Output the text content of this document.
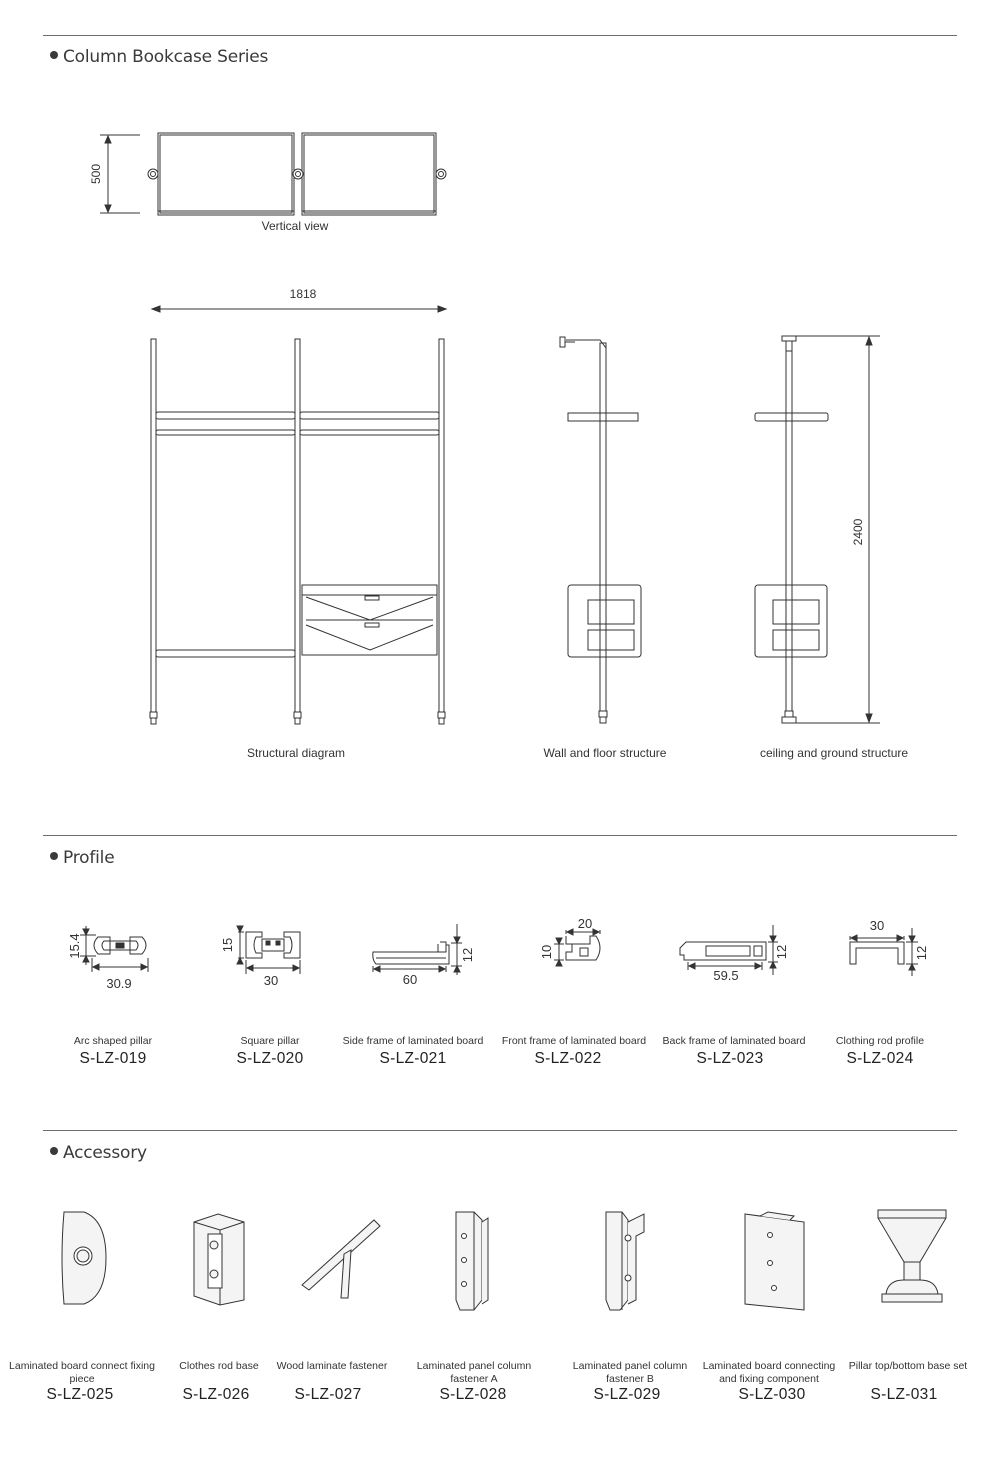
Column Bookcase Series
500
Vertical view
1818
Structural diagram	Wall and floor structure
2400
ceiling and ground structure
Profile
15.4
30.9
15
30	60
12
20
10
59.5
12
30
12
Arc shaped pillar
S-LZ-019
Square pillar
S-LZ-020
Side frame of laminated board
S-LZ-021
Front frame of laminated board
S-LZ-022
Back frame of laminated board
S-LZ-023
Clothing rod profile
S-LZ-024
Accessory
Laminated board connect fixing piece
S-LZ-025
Clothes rod base
S-LZ-026
Wood laminate fastener
S-LZ-027
Laminated panel column fastener A
S-LZ-028
Laminated panel column fastener B
S-LZ-029
Laminated board connecting and fixing component
S-LZ-030
Pillar top/bottom base set
S-LZ-031
